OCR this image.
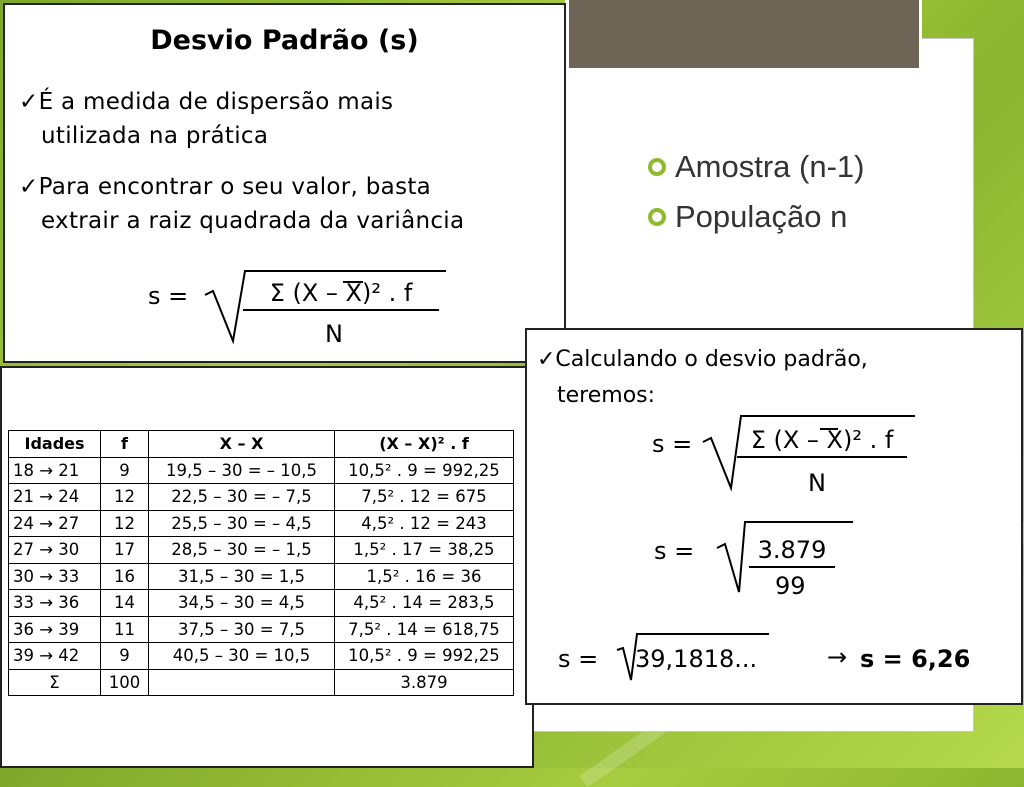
Amostra (n-1)
População n
Desvio Padrão (s)
✓É a medida de dispersão mais
utilizada na prática
✓Para encontrar o seu valor, basta
extrair a raiz quadrada da variância
s =	Σ (X – X)² . f
N
Idades	f	X – X	(X – X)² . f
18 → 21	9	19,5 – 30 = – 10,5	10,5² . 9 = 992,25
21 → 24	12	22,5 – 30 = – 7,5	7,5² . 12 = 675
24 → 27	12	25,5 – 30 = – 4,5	4,5² . 12 = 243
27 → 30	17	28,5 – 30 = – 1,5	1,5² . 17 = 38,25
30 → 33	16	31,5 – 30 = 1,5	1,5² . 16 = 36
33 → 36	14	34,5 – 30 = 4,5	4,5² . 14 = 283,5
36 → 39	11	37,5 – 30 = 7,5	7,5² . 14 = 618,75
39 → 42	9	40,5 – 30 = 10,5	10,5² . 9 = 992,25
Σ	100		3.879
✓Calculando o desvio padrão,
teremos:
s =	Σ (X – X)² . f
N
s =	3.879
99
s = 39,1818...	→ s = 6,26
